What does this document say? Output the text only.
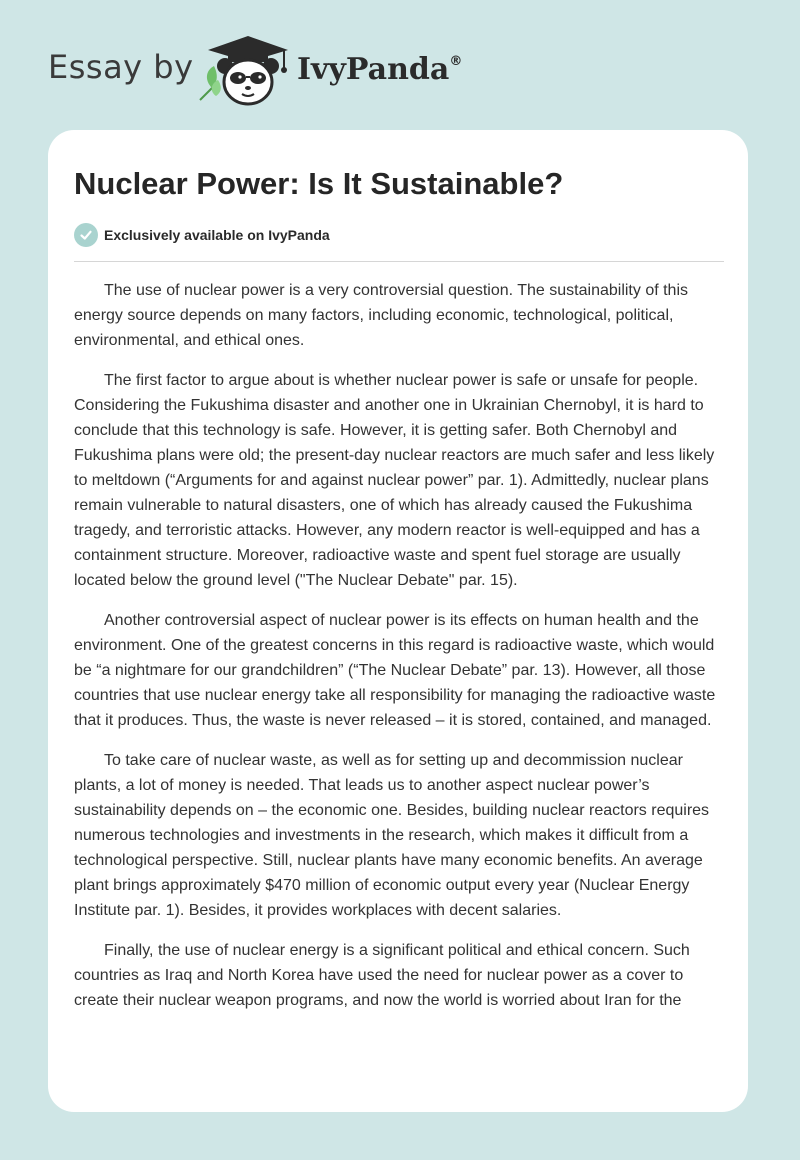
Essay by	IvyPanda®
Nuclear Power: Is It Sustainable?
Exclusively available on IvyPanda

The use of nuclear power is a very controversial question. The sustainability of this energy source depends on many factors, including economic, technological, political, environmental, and ethical ones.

The first factor to argue about is whether nuclear power is safe or unsafe for people. Considering the Fukushima disaster and another one in Ukrainian Chernobyl, it is hard to conclude that this technology is safe. However, it is getting safer. Both Chernobyl and Fukushima plans were old; the present-day nuclear reactors are much safer and less likely to meltdown (“Arguments for and against nuclear power” par. 1). Admittedly, nuclear plans remain vulnerable to natural disasters, one of which has already caused the Fukushima tragedy, and terroristic attacks. However, any modern reactor is well-equipped and has a containment structure. Moreover, radioactive waste and spent fuel storage are usually located below the ground level ("The Nuclear Debate" par. 15).

Another controversial aspect of nuclear power is its effects on human health and the environment. One of the greatest concerns in this regard is radioactive waste, which would be “a nightmare for our grandchildren” (“The Nuclear Debate” par. 13). However, all those countries that use nuclear energy take all responsibility for managing the radioactive waste that it produces. Thus, the waste is never released – it is stored, contained, and managed.

To take care of nuclear waste, as well as for setting up and decommission nuclear plants, a lot of money is needed. That leads us to another aspect nuclear power’s sustainability depends on – the economic one. Besides, building nuclear reactors requires numerous technologies and investments in the research, which makes it difficult from a technological perspective. Still, nuclear plants have many economic benefits. An average plant brings approximately $470 million of economic output every year (Nuclear Energy Institute par. 1). Besides, it provides workplaces with decent salaries.

Finally, the use of nuclear energy is a significant political and ethical concern. Such countries as Iraq and North Korea have used the need for nuclear power as a cover to create their nuclear weapon programs, and now the world is worried about Iran for the
